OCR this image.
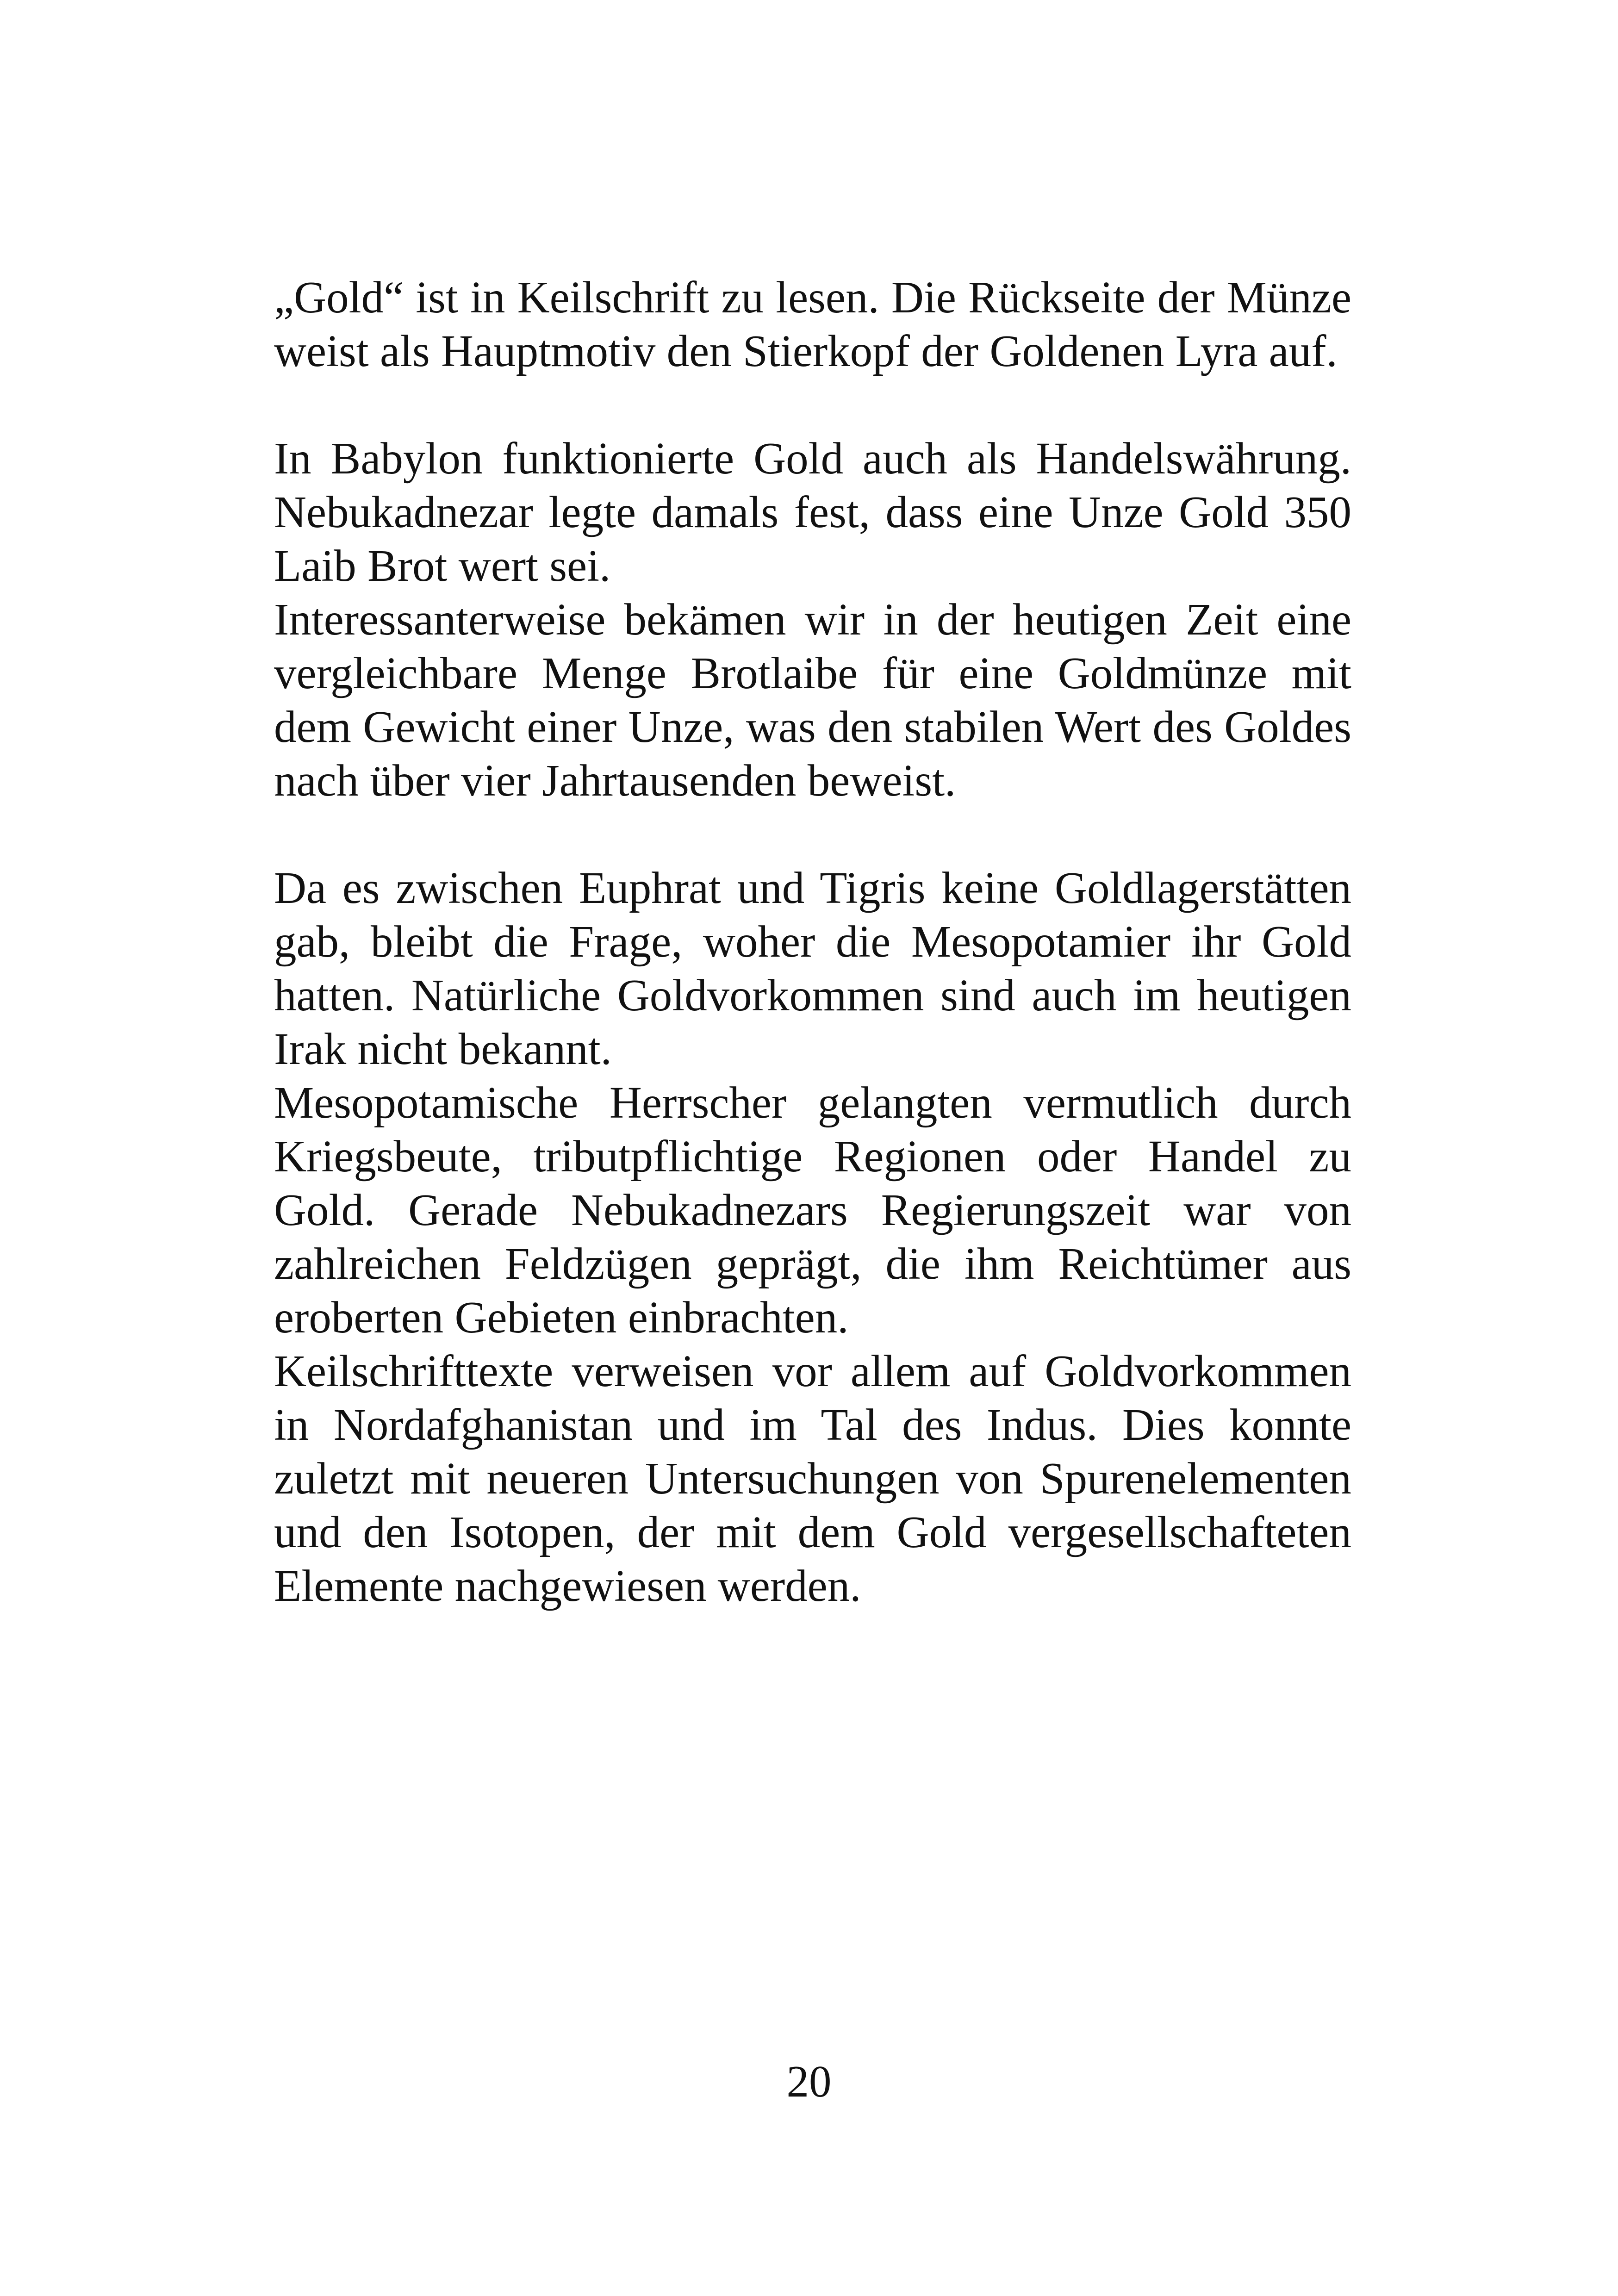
„Gold“ ist in Keilschrift zu lesen. Die Rückseite der Münze weist als Hauptmotiv den Stierkopf der Goldenen Lyra auf.

In Babylon funktionierte Gold auch als Handelswährung. Nebukadnezar legte damals fest, dass eine Unze Gold 350 Laib Brot wert sei.

Interessanterweise bekämen wir in der heutigen Zeit eine vergleichbare Menge Brotlaibe für eine Goldmünze mit dem Gewicht einer Unze, was den stabilen Wert des Goldes nach über vier Jahrtausenden beweist.

Da es zwischen Euphrat und Tigris keine Goldlagerstätten gab, bleibt die Frage, woher die Mesopotamier ihr Gold hatten. Natürliche Goldvorkommen sind auch im heutigen Irak nicht bekannt.

Mesopotamische Herrscher gelangten vermutlich durch Kriegsbeute, tributpflichtige Regionen oder Handel zu Gold. Gerade Nebukadnezars Regierungszeit war von zahlreichen Feldzügen geprägt, die ihm Reichtümer aus eroberten Gebieten einbrachten.

Keilschrifttexte verweisen vor allem auf Goldvorkommen in Nordafghanistan und im Tal des Indus. Dies konnte zuletzt mit neueren Untersuchungen von Spurenelementen und den Isotopen, der mit dem Gold vergesellschafteten Elemente nachgewiesen werden.

20
